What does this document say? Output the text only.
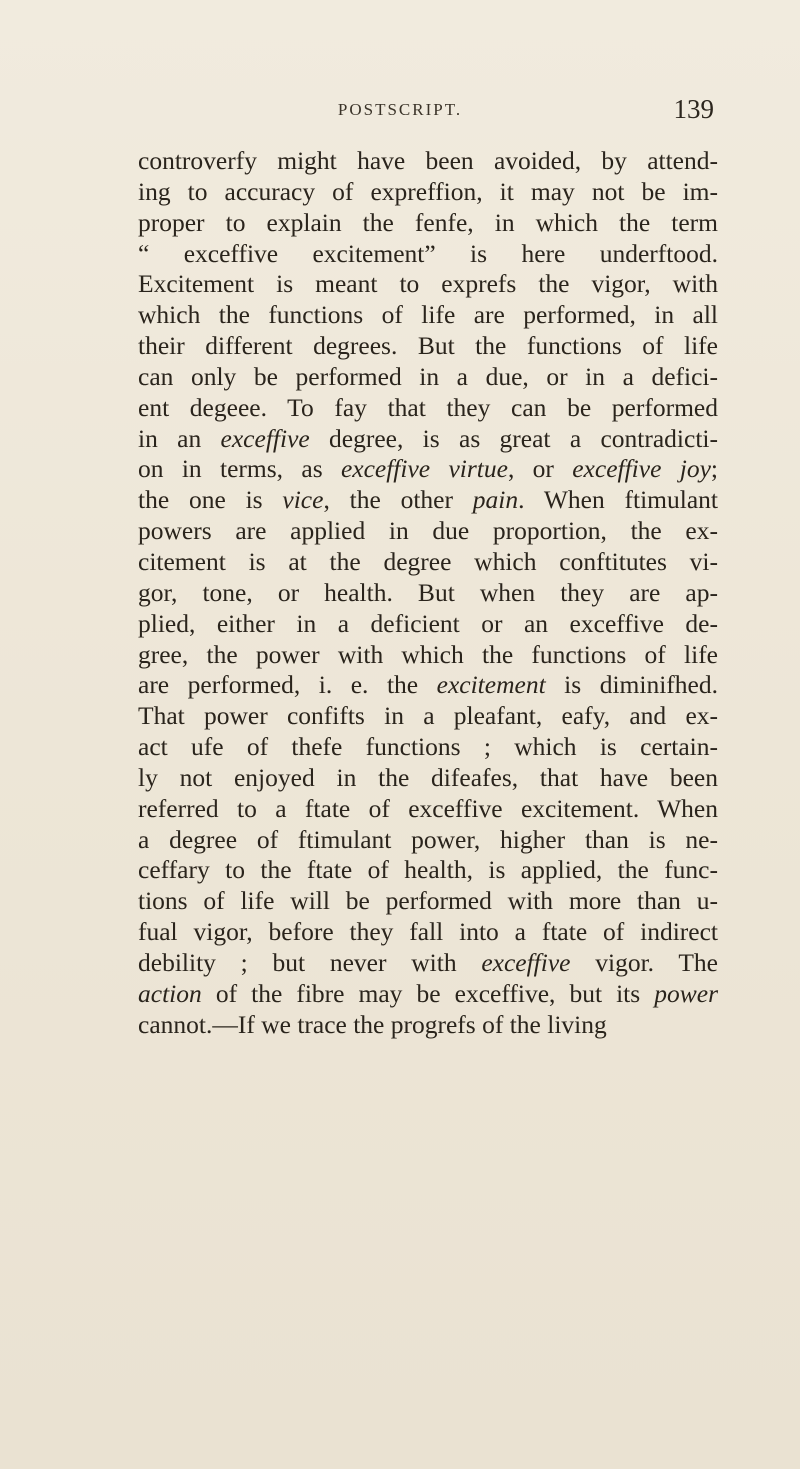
POSTSCRIPT.	139
controverfy might have been avoided, by attend-
ing to accuracy of expreffion, it may not be im-
proper to explain the fenfe, in which the term
“ exceffive excitement” is here underftood.
Excitement is meant to exprefs the vigor, with
which the functions of life are performed, in all
their different degrees. But the functions of life
can only be performed in a due, or in a defici-
ent degeee. To fay that they can be performed
in an exceffive degree, is as great a contradicti-
on in terms, as exceffive virtue, or exceffive joy;
the one is vice, the other pain. When ftimulant
powers are applied in due proportion, the ex-
citement is at the degree which conftitutes vi-
gor, tone, or health. But when they are ap-
plied, either in a deficient or an exceffive de-
gree, the power with which the functions of life
are performed, i. e. the excitement is diminifhed.
That power confifts in a pleafant, eafy, and ex-
act ufe of thefe functions ; which is certain-
ly not enjoyed in the difeafes, that have been
referred to a ftate of exceffive excitement. When
a degree of ftimulant power, higher than is ne-
ceffary to the ftate of health, is applied, the func-
tions of life will be performed with more than u-
fual vigor, before they fall into a ftate of indirect
debility ; but never with exceffive vigor. The
action of the fibre may be exceffive, but its power
cannot.—If we trace the progrefs of the living
